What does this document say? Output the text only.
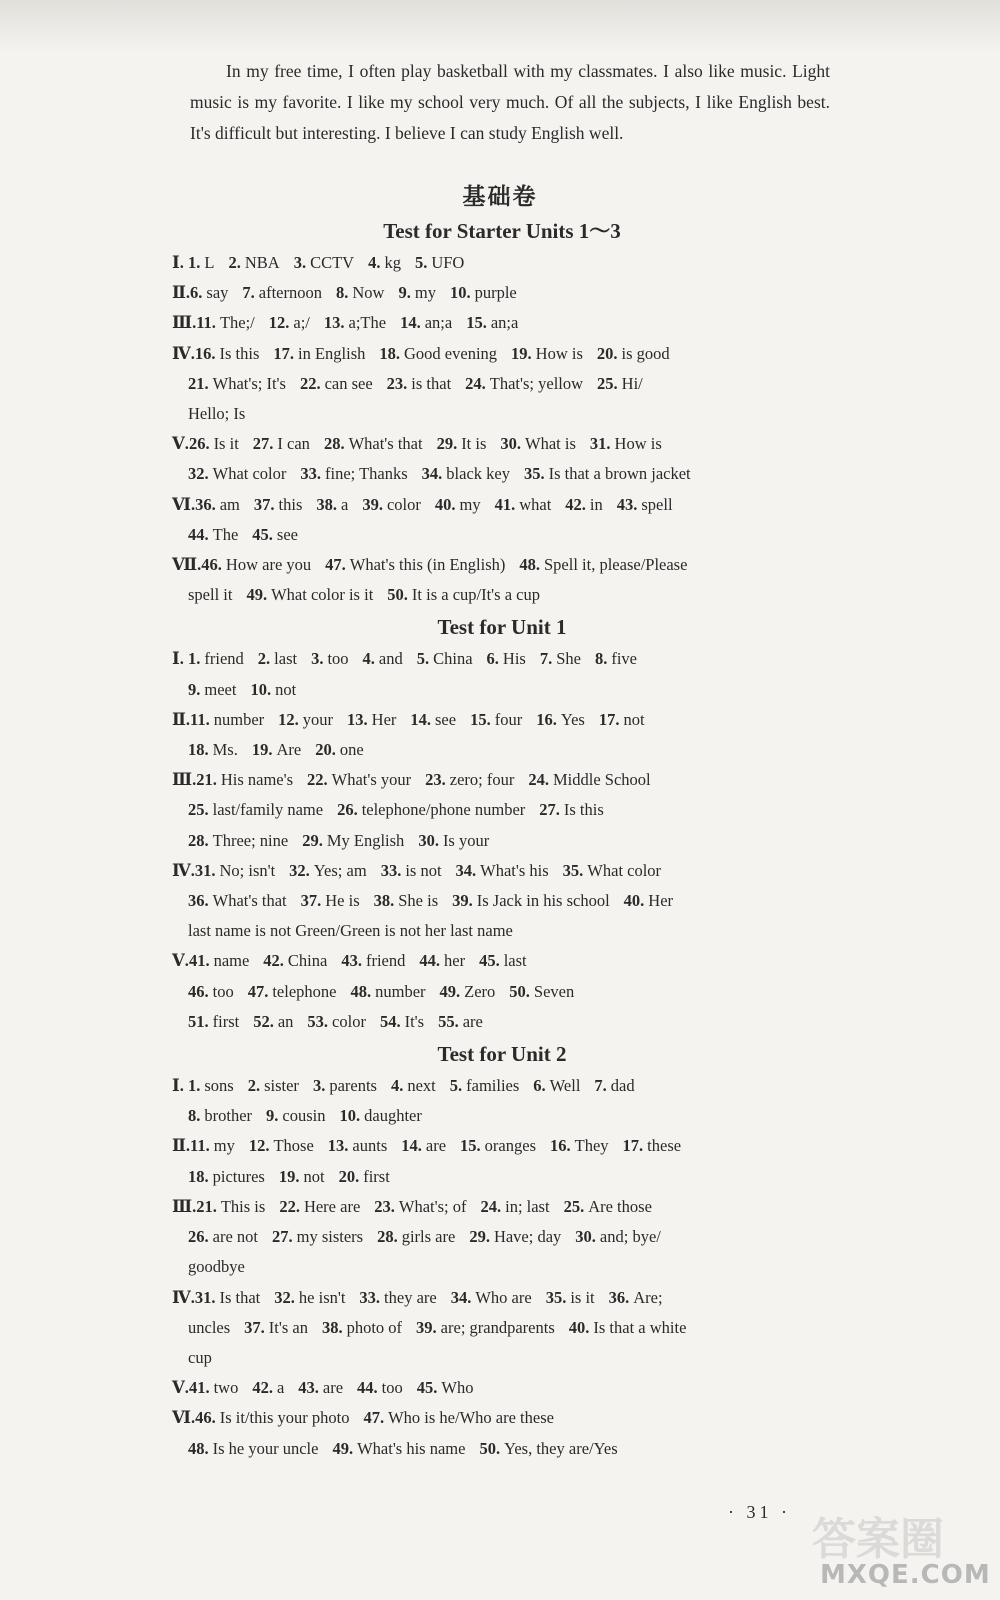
In my free time, I often play basketball with my classmates. I also like music. Light music is my favorite. I like my school very much. Of all the subjects, I like English best. It's difficult but interesting. I believe I can study English well.

基础卷
Test for Starter Units 1～3
Ⅰ. 1. L 2. NBA 3. CCTV 4. kg 5. UFO
Ⅱ.6. say 7. afternoon 8. Now 9. my 10. purple
Ⅲ.11. The;/ 12. a;/ 13. a;The 14. an;a 15. an;a
Ⅳ.16. Is this 17. in English 18. Good evening 19. How is 20. is good
21. What's; It's 22. can see 23. is that 24. That's; yellow 25. Hi/
Hello; Is
Ⅴ.26. Is it 27. I can 28. What's that 29. It is 30. What is 31. How is
32. What color 33. fine; Thanks 34. black key 35. Is that a brown jacket
Ⅵ.36. am 37. this 38. a 39. color 40. my 41. what 42. in 43. spell
44. The 45. see
Ⅶ.46. How are you 47. What's this (in English) 48. Spell it, please/Please
spell it 49. What color is it 50. It is a cup/It's a cup
Test for Unit 1
Ⅰ. 1. friend 2. last 3. too 4. and 5. China 6. His 7. She 8. five
9. meet 10. not
Ⅱ.11. number 12. your 13. Her 14. see 15. four 16. Yes 17. not
18. Ms. 19. Are 20. one
Ⅲ.21. His name's 22. What's your 23. zero; four 24. Middle School
25. last/family name 26. telephone/phone number 27. Is this
28. Three; nine 29. My English 30. Is your
Ⅳ.31. No; isn't 32. Yes; am 33. is not 34. What's his 35. What color
36. What's that 37. He is 38. She is 39. Is Jack in his school 40. Her
last name is not Green/Green is not her last name
Ⅴ.41. name 42. China 43. friend 44. her 45. last
46. too 47. telephone 48. number 49. Zero 50. Seven
51. first 52. an 53. color 54. It's 55. are
Test for Unit 2
Ⅰ. 1. sons 2. sister 3. parents 4. next 5. families 6. Well 7. dad
8. brother 9. cousin 10. daughter
Ⅱ.11. my 12. Those 13. aunts 14. are 15. oranges 16. They 17. these
18. pictures 19. not 20. first
Ⅲ.21. This is 22. Here are 23. What's; of 24. in; last 25. Are those
26. are not 27. my sisters 28. girls are 29. Have; day 30. and; bye/
goodbye
Ⅳ.31. Is that 32. he isn't 33. they are 34. Who are 35. is it 36. Are;
uncles 37. It's an 38. photo of 39. are; grandparents 40. Is that a white
cup
Ⅴ.41. two 42. a 43. are 44. too 45. Who
Ⅵ.46. Is it/this your photo 47. Who is he/Who are these
48. Is he your uncle 49. What's his name 50. Yes, they are/Yes
· 31 ·
答案圈
MXQE.COM
